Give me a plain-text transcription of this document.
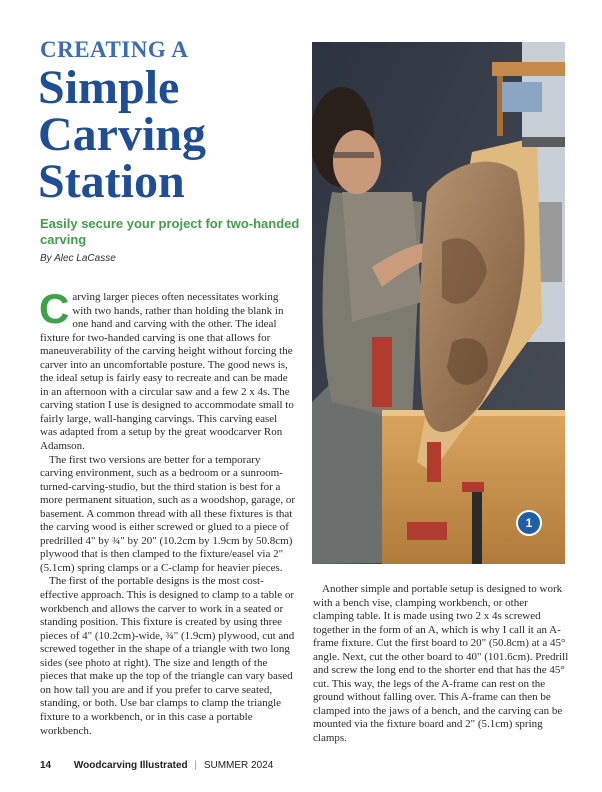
CREATING A
Simple Carving Station
Easily secure your project for two-handed carving
By Alec LaCasse

Carving larger pieces often necessitates working with two hands, rather than holding the blank in one hand and carving with the other. The ideal fixture for two-handed carving is one that allows for maneuverability of the carving height without forcing the carver into an uncomfortable posture. The good news is, the ideal setup is fairly easy to recreate and can be made in an afternoon with a circular saw and a few 2 x 4s. The carving station I use is designed to accommodate small to fairly large, wall-hanging carvings. This carving easel was adapted from a setup by the great woodcarver Ron Adamson.

The first two versions are better for a temporary carving environment, such as a bedroom or a sunroom-turned-carving-studio, but the third station is best for a more permanent situation, such as a woodshop, garage, or basement. A common thread with all these fixtures is that the carving wood is either screwed or glued to a piece of predrilled 4" by ¾" by 20" (10.2cm by 1.9cm by 50.8cm) plywood that is then clamped to the fixture/easel via 2" (5.1cm) spring clamps or a C-clamp for heavier pieces.

The first of the portable designs is the most cost-effective approach. This is designed to clamp to a table or workbench and allows the carver to work in a seated or standing position. This fixture is created by using three pieces of 4" (10.2cm)-wide, ¾" (1.9cm) plywood, cut and screwed together in the shape of a triangle with two long sides (see photo at right). The size and length of the pieces that make up the top of the triangle can vary based on how tall you are and if you prefer to carve seated, standing, or both. Use bar clamps to clamp the triangle fixture to a workbench, or in this case a portable workbench.

1

Another simple and portable setup is designed to work with a bench vise, clamping workbench, or other clamping table. It is made using two 2 x 4s screwed together in the form of an A, which is why I call it an A-frame fixture. Cut the first board to 20" (50.8cm) at a 45° angle. Next, cut the other board to 40" (101.6cm). Predrill and screw the long end to the shorter end that has the 45° cut. This way, the legs of the A-frame can rest on the ground without falling over. This A-frame can then be clamped into the jaws of a bench, and the carving can be mounted via the fixture board and 2" (5.1cm) spring clamps.

14 Woodcarving Illustrated | SUMMER 2024
